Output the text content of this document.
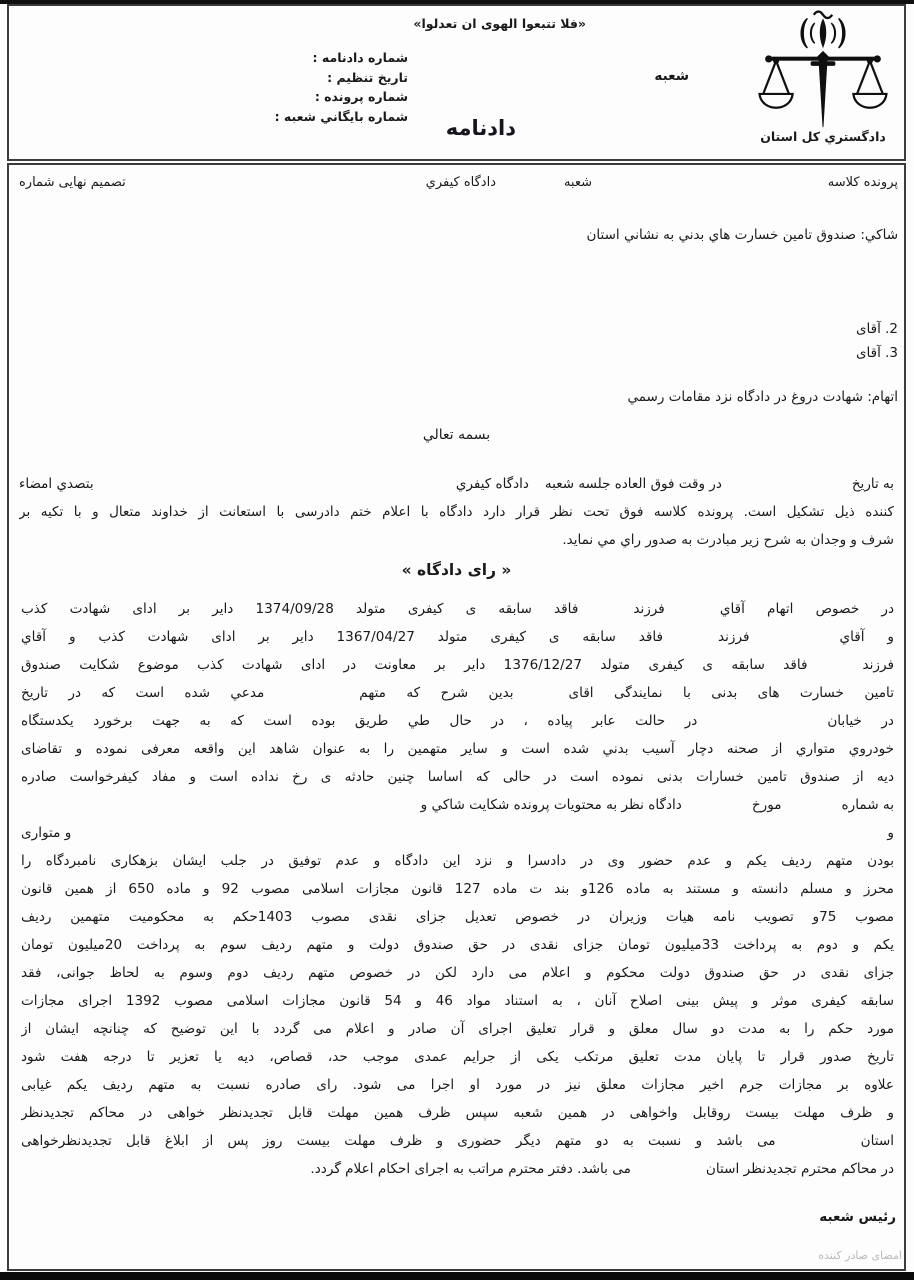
«فلا تتبعوا الهوی ان تعدلوا»
شماره دادنامه :
تاریخ تنظیم :
شماره پرونده :
شماره بایگاني شعبه : دادنامه
شعبه
دادگستري کل استان
پرونده کلاسه
شعبه
دادگاه کیفري
تصمیم نهایی شماره
شاکي: صندوق تامین خسارت هاي بدني به نشاني استان
2. آقای
3. آقای
اتهام: شهادت دروغ در دادگاه نزد مقامات رسمي
بسمه تعالي
به تاریخ
در وقت فوق العاده جلسه شعبه
دادگاه کیفري
بتصدي امضاء
کننده ذیل تشکیل است. پرونده کلاسه فوق تحت نظر قرار دارد دادگاه با اعلام ختم دادرسی با استعانت از خداوند متعال و با تکیه بر
شرف و وجدان به شرح زیر مبادرت به صدور راي مي نماید.
« رای دادگاه »
در خصوص اتهام آقايفرزندفاقد سابقه ی کیفری متولد 1374/09/28 دایر بر ادای شهادت کذب
و آقايفرزندفاقد سابقه ی کیفری متولد 1367/04/27 دایر بر ادای شهادت کذب و آقاي
فرزندفاقد سابقه ی کیفری متولد 1376/12/27 دایر بر معاونت در ادای شهادت کذب موضوع شکایت صندوق
تامین خسارت های بدنی با نمایندگی اقایبدین شرح که متهممدعي شده است که در تاریخ
در خیاباندر حالت عابر پیاده ، در حال طي طریق بوده است که به جهت برخورد یکدستگاه
خودروي متواري از صحنه دچار آسیب بدني شده است و سایر متهمین را به عنوان شاهد این واقعه معرفی نموده و تقاضای
دیه از صندوق تامین خسارات بدنی نموده است در حالی که اساسا چنین حادثه ی رخ نداده است و مفاد کیفرخواست صادره
به شمارهمورخدادگاه نظر به محتویات پرونده شکایت شاکي و
و
و متواری
بودن متهم ردیف یکم و عدم حضور وی در دادسرا و نزد این دادگاه و عدم توفیق در جلب ایشان بزهکاری نامبردگاه را
محرز و مسلم دانسته و مستند به ماده 126و بند ت ماده 127 قانون مجازات اسلامی مصوب 92 و ماده 650 از همین قانون
مصوب 75و تصویب نامه هیات وزیران در خصوص تعدیل جزای نقدی مصوب 1403حکم به محکومیت متهمین ردیف
یکم و دوم به پرداخت 33میلیون تومان جزای نقدی در حق صندوق دولت و متهم ردیف سوم به پرداخت 20میلیون تومان
جزای نقدی در حق صندوق دولت محکوم و اعلام می دارد لکن در خصوص متهم ردیف دوم وسوم به لحاظ جوانی، فقد
سابقه کیفری موثر و پیش بینی اصلاح آنان ، به استناد مواد 46 و 54 قانون مجازات اسلامی مصوب 1392 اجرای مجازات
مورد حکم را به مدت دو سال معلق و قرار تعلیق اجرای آن صادر و اعلام می گردد با این توضیح که چنانچه ایشان از
تاریخ صدور قرار تا پایان مدت تعلیق مرتکب یکی از جرایم عمدی موجب حد، قصاص، دیه یا تعزیر تا درجه هفت شود
علاوه بر مجازات جرم اخیر مجازات معلق نیز در مورد او اجرا می شود. رای صادره نسبت به متهم ردیف یکم غیابی
و ظرف مهلت بیست روقابل واخواهی در همین شعبه سپس ظرف همین مهلت قابل تجدیدنظر خواهی در محاکم تجدیدنظر
استانمی باشد و نسبت به دو متهم دیگر حضوری و ظرف مهلت بیست روز پس از ابلاغ قابل تجدیدنظرخواهی
در محاکم محترم تجدیدنظر استانمی باشد. دفتر محترم مراتب به اجرای احکام اعلام گردد.
رئیس شعبه
امضای صادر کننده
